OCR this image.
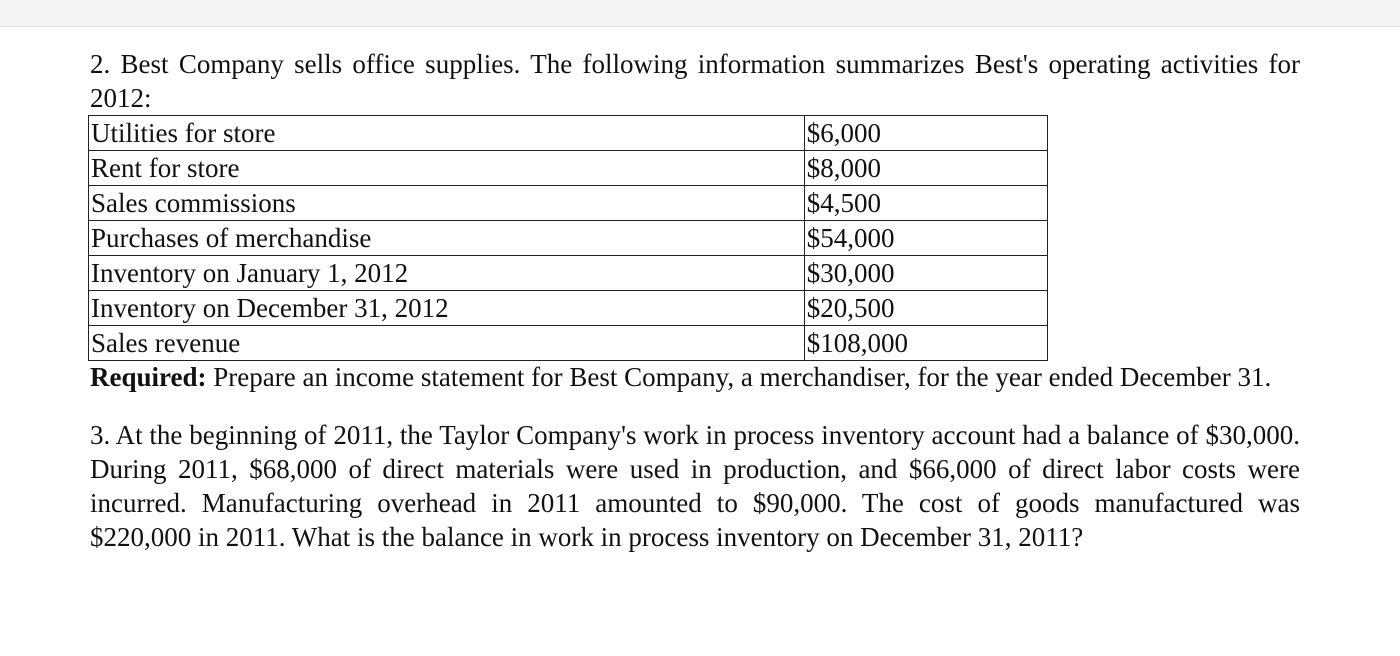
2. Best Company sells office supplies. The following information summarizes Best's operating activities for 2012:

Utilities for store	$6,000
Rent for store	$8,000
Sales commissions	$4,500
Purchases of merchandise	$54,000
Inventory on January 1, 2012	$30,000
Inventory on December 31, 2012	$20,500
Sales revenue	$108,000

Required: Prepare an income statement for Best Company, a merchandiser, for the year ended December 31.

3. At the beginning of 2011, the Taylor Company's work in process inventory account had a balance of $30,000. During 2011, $68,000 of direct materials were used in production, and $66,000 of direct labor costs were incurred. Manufacturing overhead in 2011 amounted to $90,000. The cost of goods manufactured was $220,000 in 2011. What is the balance in work in process inventory on December 31, 2011?
